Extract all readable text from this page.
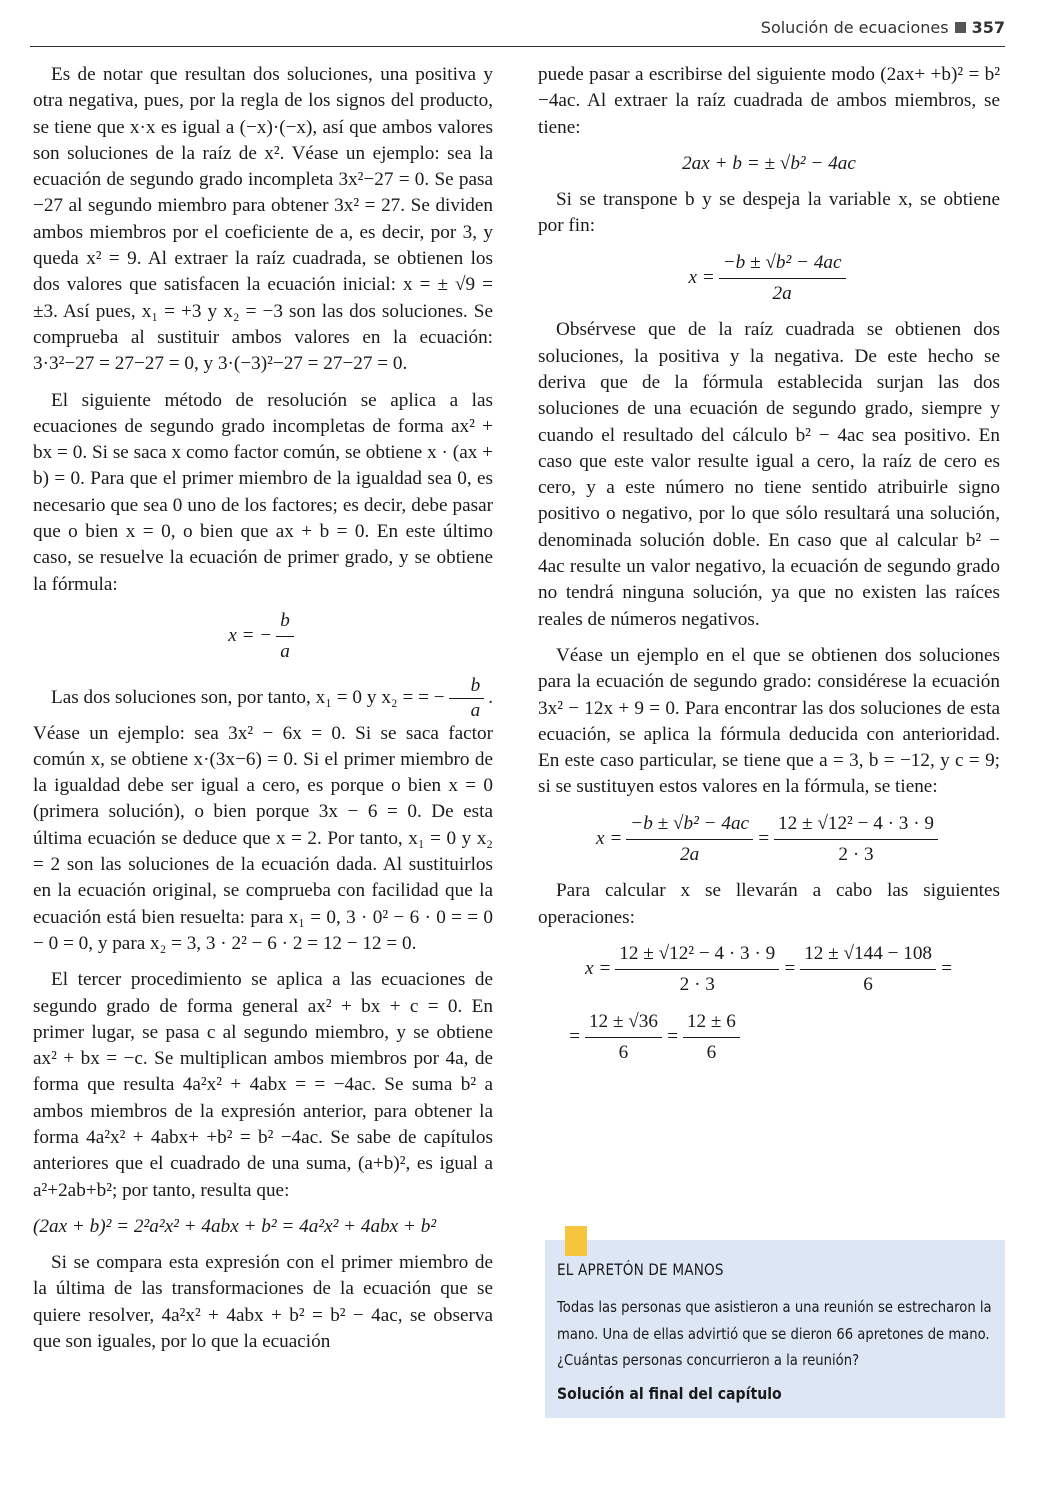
Solución de ecuaciones 357

Es de notar que resultan dos soluciones, una positiva y otra negativa, pues, por la regla de los signos del producto, se tiene que x·x es igual a (−x)·(−x), así que ambos valores son soluciones de la raíz de x². Véase un ejemplo: sea la ecuación de segundo grado incompleta 3x²−27 = 0. Se pasa −27 al segundo miembro para obtener 3x² = 27. Se dividen ambos miembros por el coeficiente de a, es decir, por 3, y queda x² = 9. Al extraer la raíz cuadrada, se obtienen los dos valores que satisfacen la ecuación inicial: x = ± √9 = ±3. Así pues, x₁ = +3 y x₂ = −3 son las dos soluciones. Se comprueba al sustituir ambos valores en la ecuación: 3·3²−27 = 27−27 = 0, y 3·(−3)²−27 = 27−27 = 0.

El siguiente método de resolución se aplica a las ecuaciones de segundo grado incompletas de forma ax² + bx = 0. Si se saca x como factor común, se obtiene x · (ax + b) = 0. Para que el primer miembro de la igualdad sea 0, es necesario que sea 0 uno de los factores; es decir, debe pasar que o bien x = 0, o bien que ax + b = 0. En este último caso, se resuelve la ecuación de primer grado, y se obtiene la fórmula:

x = − $\frac{b}{a}$

Las dos soluciones son, por tanto, x₁ = 0 y x₂ = = − $\frac{b}{a}$ . Véase un ejemplo: sea 3x² − 6x = 0. Si se saca factor común x, se obtiene x·(3x−6) = 0. Si el primer miembro de la igualdad debe ser igual a cero, es porque o bien x = 0 (primera solución), o bien porque 3x − 6 = 0. De esta última ecuación se deduce que x = 2. Por tanto, x₁ = 0 y x₂ = 2 son las soluciones de la ecuación dada. Al sustituirlos en la ecuación original, se comprueba con facilidad que la ecuación está bien resuelta: para x₁ = 0, 3 · 0² − 6 · 0 = = 0 − 0 = 0, y para x₂ = 3, 3 · 2² − 6 · 2 = 12 − 12 = 0.

El tercer procedimiento se aplica a las ecuaciones de segundo grado de forma general ax² + bx + c = 0. En primer lugar, se pasa c al segundo miembro, y se obtiene ax² + bx = −c. Se multiplican ambos miembros por 4a, de forma que resulta 4a²x² + 4abx = = −4ac. Se suma b² a ambos miembros de la expresión anterior, para obtener la forma 4a²x² + 4abx+ +b² = b² −4ac. Se sabe de capítulos anteriores que el cuadrado de una suma, (a+b)², es igual a a²+2ab+b²; por tanto, resulta que:

(2ax + b)² = 2²a²x² + 4abx + b² = 4a²x² + 4abx + b²

Si se compara esta expresión con el primer miembro de la última de las transformaciones de la ecuación que se quiere resolver, 4a²x² + 4abx + b² = b² − 4ac, se observa que son iguales, por lo que la ecuación

puede pasar a escribirse del siguiente modo (2ax+ +b)² = b² −4ac. Al extraer la raíz cuadrada de ambos miembros, se tiene:

2ax + b = ± √b² − 4ac

Si se transpone b y se despeja la variable x, se obtiene por fin:

$x = \frac{\text{−b ± √b² − 4ac}}{2a}$

Obsérvese que de la raíz cuadrada se obtienen dos soluciones, la positiva y la negativa. De este hecho se deriva que de la fórmula establecida surjan las dos soluciones de una ecuación de segundo grado, siempre y cuando el resultado del cálculo b² − 4ac sea positivo. En caso que este valor resulte igual a cero, la raíz de cero es cero, y a este número no tiene sentido atribuirle signo positivo o negativo, por lo que sólo resultará una solución, denominada solución doble. En caso que al calcular b² − 4ac resulte un valor negativo, la ecuación de segundo grado no tendrá ninguna solución, ya que no existen las raíces reales de números negativos.

Véase un ejemplo en el que se obtienen dos soluciones para la ecuación de segundo grado: considérese la ecuación 3x² − 12x + 9 = 0. Para encontrar las dos soluciones de esta ecuación, se aplica la fórmula deducida con anterioridad. En este caso particular, se tiene que a = 3, b = −12, y c = 9; si se sustituyen estos valores en la fórmula, se tiene:

$x = \frac{\text{−b ± √b² − 4ac}}{2a} = \frac{\text{12 ± √12² − 4 · 3 · 9}}{2 \cdot 3}$

Para calcular x se llevarán a cabo las siguientes operaciones:

$x = \frac{\text{12 ± √12² − 4 · 3 · 9}}{2 \cdot 3} = \frac{12 \pm √144 - 108}{6}$ =
= $\frac{12 \pm √36}{6} = \frac{12 \pm 6}{6}$
EL APRETÓN DE MANOS
Todas las personas que asistieron a una reunión se estrecharon la mano. Una de ellas advirtió que se dieron 66 apretones de mano. ¿Cuántas personas concurrieron a la reunión?
Solución al final del capítulo
